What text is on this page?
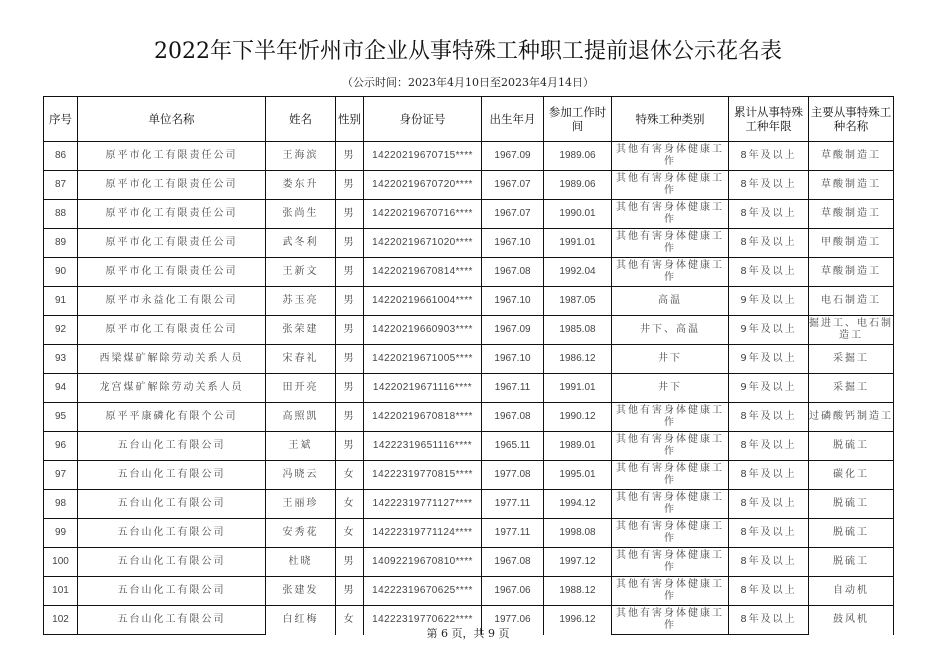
2022年下半年忻州市企业从事特殊工种职工提前退休公示花名表
（公示时间：2023年4月10日至2023年4月14日）
序号	单位名称	姓名	性别	身份证号	出生年月	参加工作时间	特殊工种类别	累计从事特殊工种年限	主要从事特殊工种名称
86	原平市化工有限责任公司	王海滨	男	14220219670715****	1967.09	1989.06	其他有害身体健康工作	8年及以上	草酸制造工
87	原平市化工有限责任公司	娄东升	男	14220219670720****	1967.07	1989.06	其他有害身体健康工作	8年及以上	草酸制造工
88	原平市化工有限责任公司	张尚生	男	14220219670716****	1967.07	1990.01	其他有害身体健康工作	8年及以上	草酸制造工
89	原平市化工有限责任公司	武冬利	男	14220219671020****	1967.10	1991.01	其他有害身体健康工作	8年及以上	甲酸制造工
90	原平市化工有限责任公司	王新文	男	14220219670814****	1967.08	1992.04	其他有害身体健康工作	8年及以上	草酸制造工
91	原平市永益化工有限公司	苏玉亮	男	14220219661004****	1967.10	1987.05	高温	9年及以上	电石制造工
92	原平市化工有限责任公司	张荣建	男	14220219660903****	1967.09	1985.08	井下、高温	9年及以上	掘进工、电石制造工
93	西梁煤矿解除劳动关系人员	宋春礼	男	14220219671005****	1967.10	1986.12	井下	9年及以上	采掘工
94	龙宫煤矿解除劳动关系人员	田开亮	男	14220219671116****	1967.11	1991.01	井下	9年及以上	采掘工
95	原平平康磷化有限个公司	高照凯	男	14220219670818****	1967.08	1990.12	其他有害身体健康工作	8年及以上	过磷酸钙制造工
96	五台山化工有限公司	王斌	男	14222319651116****	1965.11	1989.01	其他有害身体健康工作	8年及以上	脱硫工
97	五台山化工有限公司	冯晓云	女	14222319770815****	1977.08	1995.01	其他有害身体健康工作	8年及以上	碳化工
98	五台山化工有限公司	王丽珍	女	14222319771127****	1977.11	1994.12	其他有害身体健康工作	8年及以上	脱硫工
99	五台山化工有限公司	安秀花	女	14222319771124****	1977.11	1998.08	其他有害身体健康工作	8年及以上	脱硫工
100	五台山化工有限公司	杜晓	男	14092219670810****	1967.08	1997.12	其他有害身体健康工作	8年及以上	脱硫工
101	五台山化工有限公司	张建发	男	14222319670625****	1967.06	1988.12	其他有害身体健康工作	8年及以上	自动机
102	五台山化工有限公司	白红梅	女	14222319770622****	1977.06	1996.12	其他有害身体健康工作	8年及以上	鼓风机
第 6 页，共 9 页
